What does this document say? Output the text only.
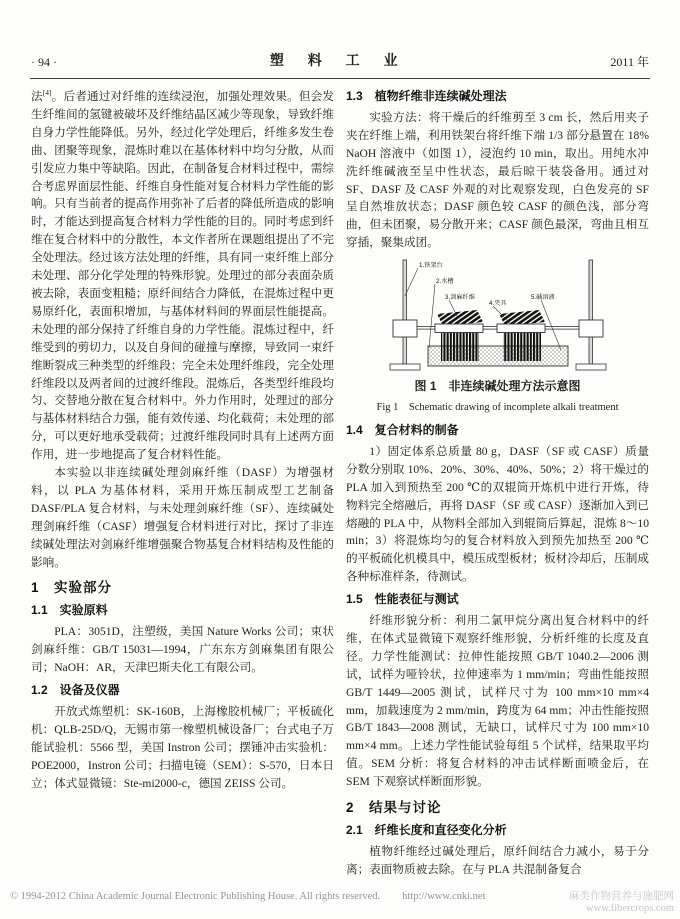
· 94 ·	塑 料 工 业	2011 年

法[4]。后者通过对纤维的连续浸泡，加强处理效果。但会发生纤维间的氢键被破坏及纤维结晶区减少等现象，导致纤维自身力学性能降低。另外，经过化学处理后，纤维多发生卷曲、团聚等现象，混炼时难以在基体材料中均匀分散，从而引发应力集中等缺陷。因此，在制备复合材料过程中，需综合考虑界面层性能、纤维自身性能对复合材料力学性能的影响。只有当前者的提高作用弥补了后者的降低所造成的影响时，才能达到提高复合材料力学性能的目的。同时考虑到纤维在复合材料中的分散性，本文作者所在课题组提出了不完全处理法。经过该方法处理的纤维，具有同一束纤维上部分未处理、部分化学处理的特殊形貌。处理过的部分表面杂质被去除，表面变粗糙；原纤间结合力降低，在混炼过程中更易原纤化，表面积增加，与基体材料间的界面层性能提高。未处理的部分保持了纤维自身的力学性能。混炼过程中，纤维受到的剪切力，以及自身间的碰撞与摩擦，导致同一束纤维断裂成三种类型的纤维段：完全未处理纤维段，完全处理纤维段以及两者间的过渡纤维段。混炼后，各类型纤维段均匀、交替地分散在复合材料中。外力作用时，处理过的部分与基体材料结合力强，能有效传递、均化载荷；未处理的部分，可以更好地承受载荷；过渡纤维段同时具有上述两方面作用，进一步地提高了复合材料性能。

本实验以非连续碱处理剑麻纤维（DASF）为增强材料，以 PLA 为基体材料，采用开炼压制成型工艺制备 DASF/PLA 复合材料，与未处理剑麻纤维（SF）、连续碱处理剑麻纤维（CASF）增强复合材料进行对比，探讨了非连续碱处理法对剑麻纤维增强聚合物基复合材料结构及性能的影响。

1　实验部分
1.1　实验原料

PLA：3051D，注塑级，美国 Nature Works 公司；束状剑麻纤维：GB/T 15031—1994，广东东方剑麻集团有限公司；NaOH：AR，天津巴斯夫化工有限公司。

1.2　设备及仪器

开放式炼塑机：SK-160B，上海橡胶机械厂；平板硫化机：QLB-25D/Q，无锡市第一橡塑机械设备厂；台式电子万能试验机：5566 型，美国 Instron 公司；摆锤冲击实验机：POE2000，Instron 公司；扫描电镜（SEM）：S-570，日本日立；体式显微镜：Ste-mi2000-c，德国 ZEISS 公司。

1.3　植物纤维非连续碱处理法

实验方法：将干燥后的纤维剪至 3 cm 长，然后用夹子夹在纤维上端，利用铁架台将纤维下端 1/3 部分悬置在 18% NaOH 溶液中（如图 1），浸泡约 10 min，取出。用纯水冲洗纤维碱液至呈中性状态，最后晾干装袋备用。通过对 SF、DASF 及 CASF 外观的对比观察发现，白色发亮的 SF 呈自然堆放状态；DASF 颜色较 CASF 的颜色浅，部分弯曲，但未团聚，易分散开来；CASF 颜色最深，弯曲且相互穿插，聚集成团。

1.铁架台
2.水槽
3.剑麻纤维
4.夹具
5.碱溶液
图 1　非连续碱处理方法示意图
Fig 1　Schematic drawing of incomplete alkali treatment
1.4　复合材料的制备

1）固定体系总质量 80 g，DASF（SF 或 CASF）质量分数分别取 10%、20%、30%、40%、50%；2）将干燥过的 PLA 加入到预热至 200 ℃的双辊筒开炼机中进行开炼，待物料完全熔融后，再将 DASF（SF 或 CASF）逐渐加入到已熔融的 PLA 中，从物料全部加入到辊筒后算起，混炼 8～10 min；3）将混炼均匀的复合材料放入到预先加热至 200 ℃的平板硫化机模具中，模压成型板材；板材冷却后，压制成各种标准样条，待测试。

1.5　性能表征与测试

纤维形貌分析：利用二氯甲烷分离出复合材料中的纤维，在体式显微镜下观察纤维形貌，分析纤维的长度及直径。力学性能测试：拉伸性能按照 GB/T 1040.2—2006 测试，试样为哑铃状，拉伸速率为 1 mm/min；弯曲性能按照 GB/T 1449—2005 测试，试样尺寸为 100 mm×10 mm×4 mm，加载速度为 2 mm/min，跨度为 64 mm；冲击性能按照 GB/T 1843—2008 测试，无缺口，试样尺寸为 100 mm×10 mm×4 mm。上述力学性能试验每组 5 个试样，结果取平均值。SEM 分析：将复合材料的冲击试样断面喷金后，在 SEM 下观察试样断面形貌。

2　结果与讨论
2.1　纤维长度和直径变化分析

植物纤维经过碱处理后，原纤间结合力减小，易于分离；表面物质被去除。在与 PLA 共混制备复合

© 1994-2012 China Academic Journal Electronic Publishing House. All rights reserved. http://www.cnki.net	麻类作物营养与施肥网
www.fibercrops.com
